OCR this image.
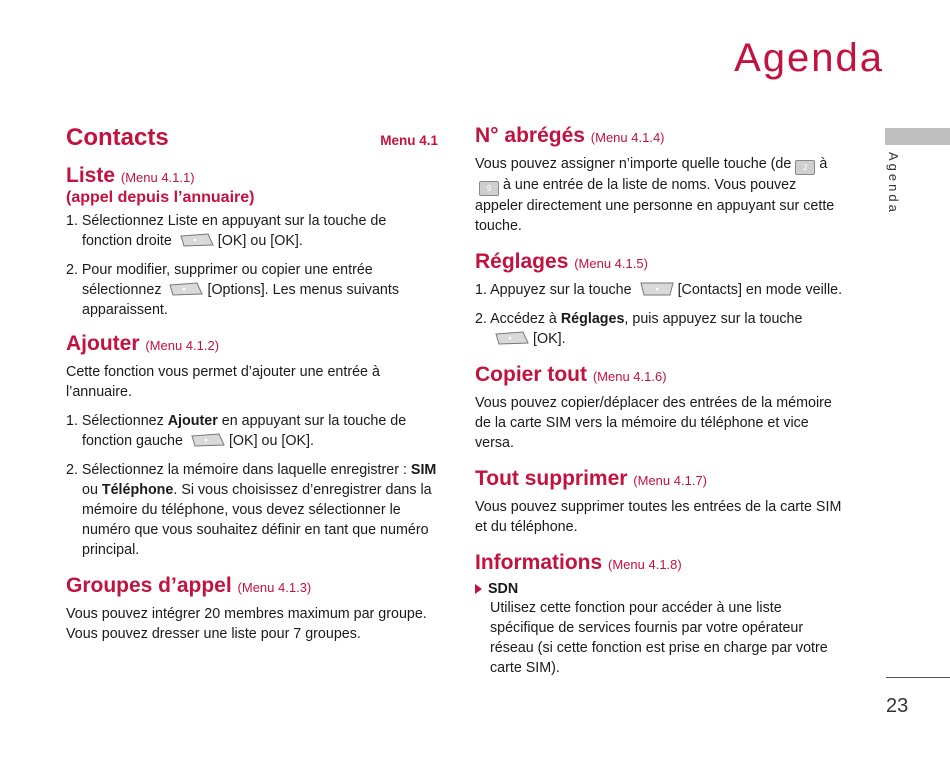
Agenda
Agenda
23
Contacts	Menu 4.1
Liste (Menu 4.1.1)
(appel depuis l’annuaire)
1. Sélectionnez Liste en appuyant sur la touche de fonction droite	[OK] ou [OK].
2. Pour modifier, supprimer ou copier une entrée sélectionnez	[Options]. Les menus suivants apparaissent.
Ajouter (Menu 4.1.2)

Cette fonction vous permet d’ajouter une entrée à l’annuaire.

1. Sélectionnez Ajouter en appuyant sur la touche de fonction gauche	[OK] ou [OK].
2. Sélectionnez la mémoire dans laquelle enregistrer : SIM ou Téléphone. Si vous choisissez d’enregistrer dans la mémoire du téléphone, vous devez sélectionner le numéro que vous souhaitez définir en tant que numéro principal.
Groupes d’appel (Menu 4.1.3)

Vous pouvez intégrer 20 membres maximum par groupe. Vous pouvez dresser une liste pour 7 groupes.

N° abrégés (Menu 4.1.4)

Vous pouvez assigner n’importe quelle touche (de 2 à 9 à une entrée de la liste de noms. Vous pouvez appeler directement une personne en appuyant sur cette touche.

Réglages (Menu 4.1.5)
1. Appuyez sur la touche	[Contacts] en mode veille.
2. Accédez à Réglages, puis appuyez sur la touche [OK].
Copier tout (Menu 4.1.6)

Vous pouvez copier/déplacer des entrées de la mémoire de la carte SIM vers la mémoire du téléphone et vice versa.

Tout supprimer (Menu 4.1.7)

Vous pouvez supprimer toutes les entrées de la carte SIM et du téléphone.

Informations (Menu 4.1.8)
SDN

Utilisez cette fonction pour accéder à une liste spécifique de services fournis par votre opérateur réseau (si cette fonction est prise en charge par votre carte SIM).
